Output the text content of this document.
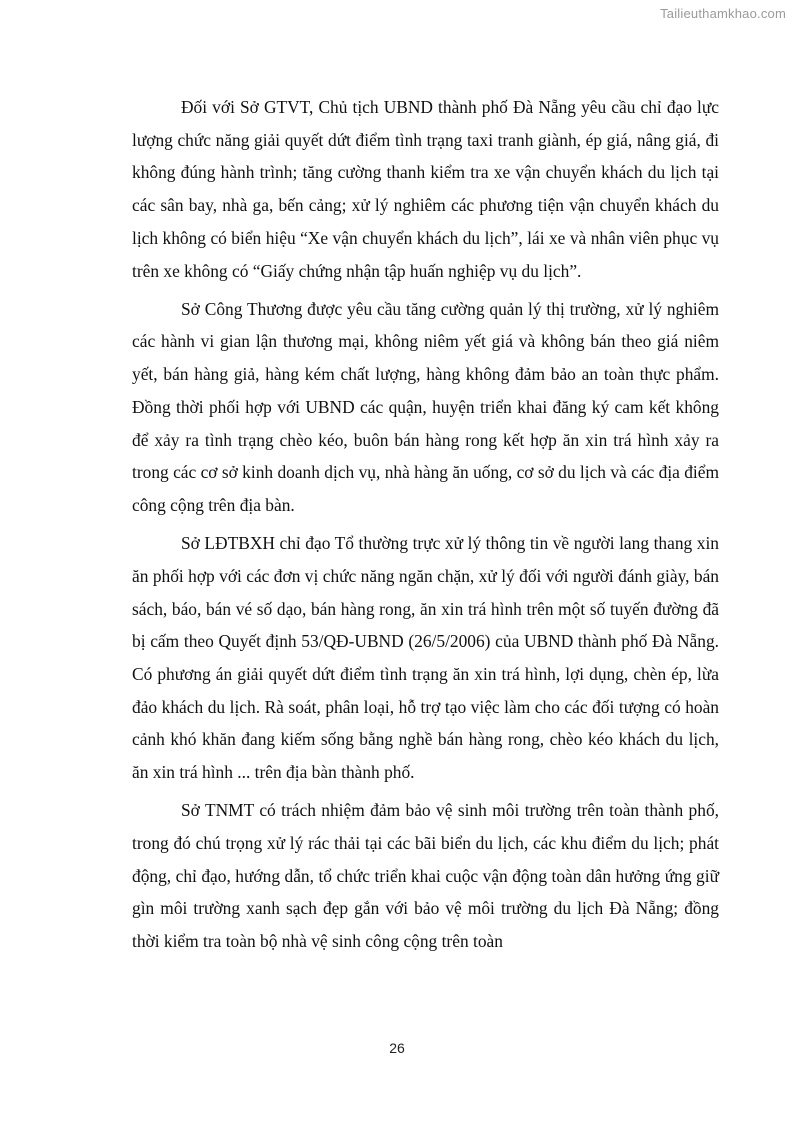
Tailieuthamkhao.com

Đối với Sở GTVT, Chủ tịch UBND thành phố Đà Nẵng yêu cầu chỉ đạo lực lượng chức năng giải quyết dứt điểm tình trạng taxi tranh giành, ép giá, nâng giá, đi không đúng hành trình; tăng cường thanh kiểm tra xe vận chuyển khách du lịch tại các sân bay, nhà ga, bến cảng; xử lý nghiêm các phương tiện vận chuyển khách du lịch không có biển hiệu “Xe vận chuyển khách du lịch”, lái xe và nhân viên phục vụ trên xe không có “Giấy chứng nhận tập huấn nghiệp vụ du lịch”.

Sở Công Thương được yêu cầu tăng cường quản lý thị trường, xử lý nghiêm các hành vi gian lận thương mại, không niêm yết giá và không bán theo giá niêm yết, bán hàng giả, hàng kém chất lượng, hàng không đảm bảo an toàn thực phẩm. Đồng thời phối hợp với UBND các quận, huyện triển khai đăng ký cam kết không để xảy ra tình trạng chèo kéo, buôn bán hàng rong kết hợp ăn xin trá hình xảy ra trong các cơ sở kinh doanh dịch vụ, nhà hàng ăn uống, cơ sở du lịch và các địa điểm công cộng trên địa bàn.

Sở LĐTBXH chỉ đạo Tổ thường trực xử lý thông tin về người lang thang xin ăn phối hợp với các đơn vị chức năng ngăn chặn, xử lý đối với người đánh giày, bán sách, báo, bán vé số dạo, bán hàng rong, ăn xin trá hình trên một số tuyến đường đã bị cấm theo Quyết định 53/QĐ-UBND (26/5/2006) của UBND thành phố Đà Nẵng. Có phương án giải quyết dứt điểm tình trạng ăn xin trá hình, lợi dụng, chèn ép, lừa đảo khách du lịch. Rà soát, phân loại, hỗ trợ tạo việc làm cho các đối tượng có hoàn cảnh khó khăn đang kiếm sống bằng nghề bán hàng rong, chèo kéo khách du lịch, ăn xin trá hình ... trên địa bàn thành phố.

Sở TNMT có trách nhiệm đảm bảo vệ sinh môi trường trên toàn thành phố, trong đó chú trọng xử lý rác thải tại các bãi biển du lịch, các khu điểm du lịch; phát động, chỉ đạo, hướng dẫn, tổ chức triển khai cuộc vận động toàn dân hưởng ứng giữ gìn môi trường xanh sạch đẹp gắn với bảo vệ môi trường du lịch Đà Nẵng; đồng thời kiểm tra toàn bộ nhà vệ sinh công cộng trên toàn

26
